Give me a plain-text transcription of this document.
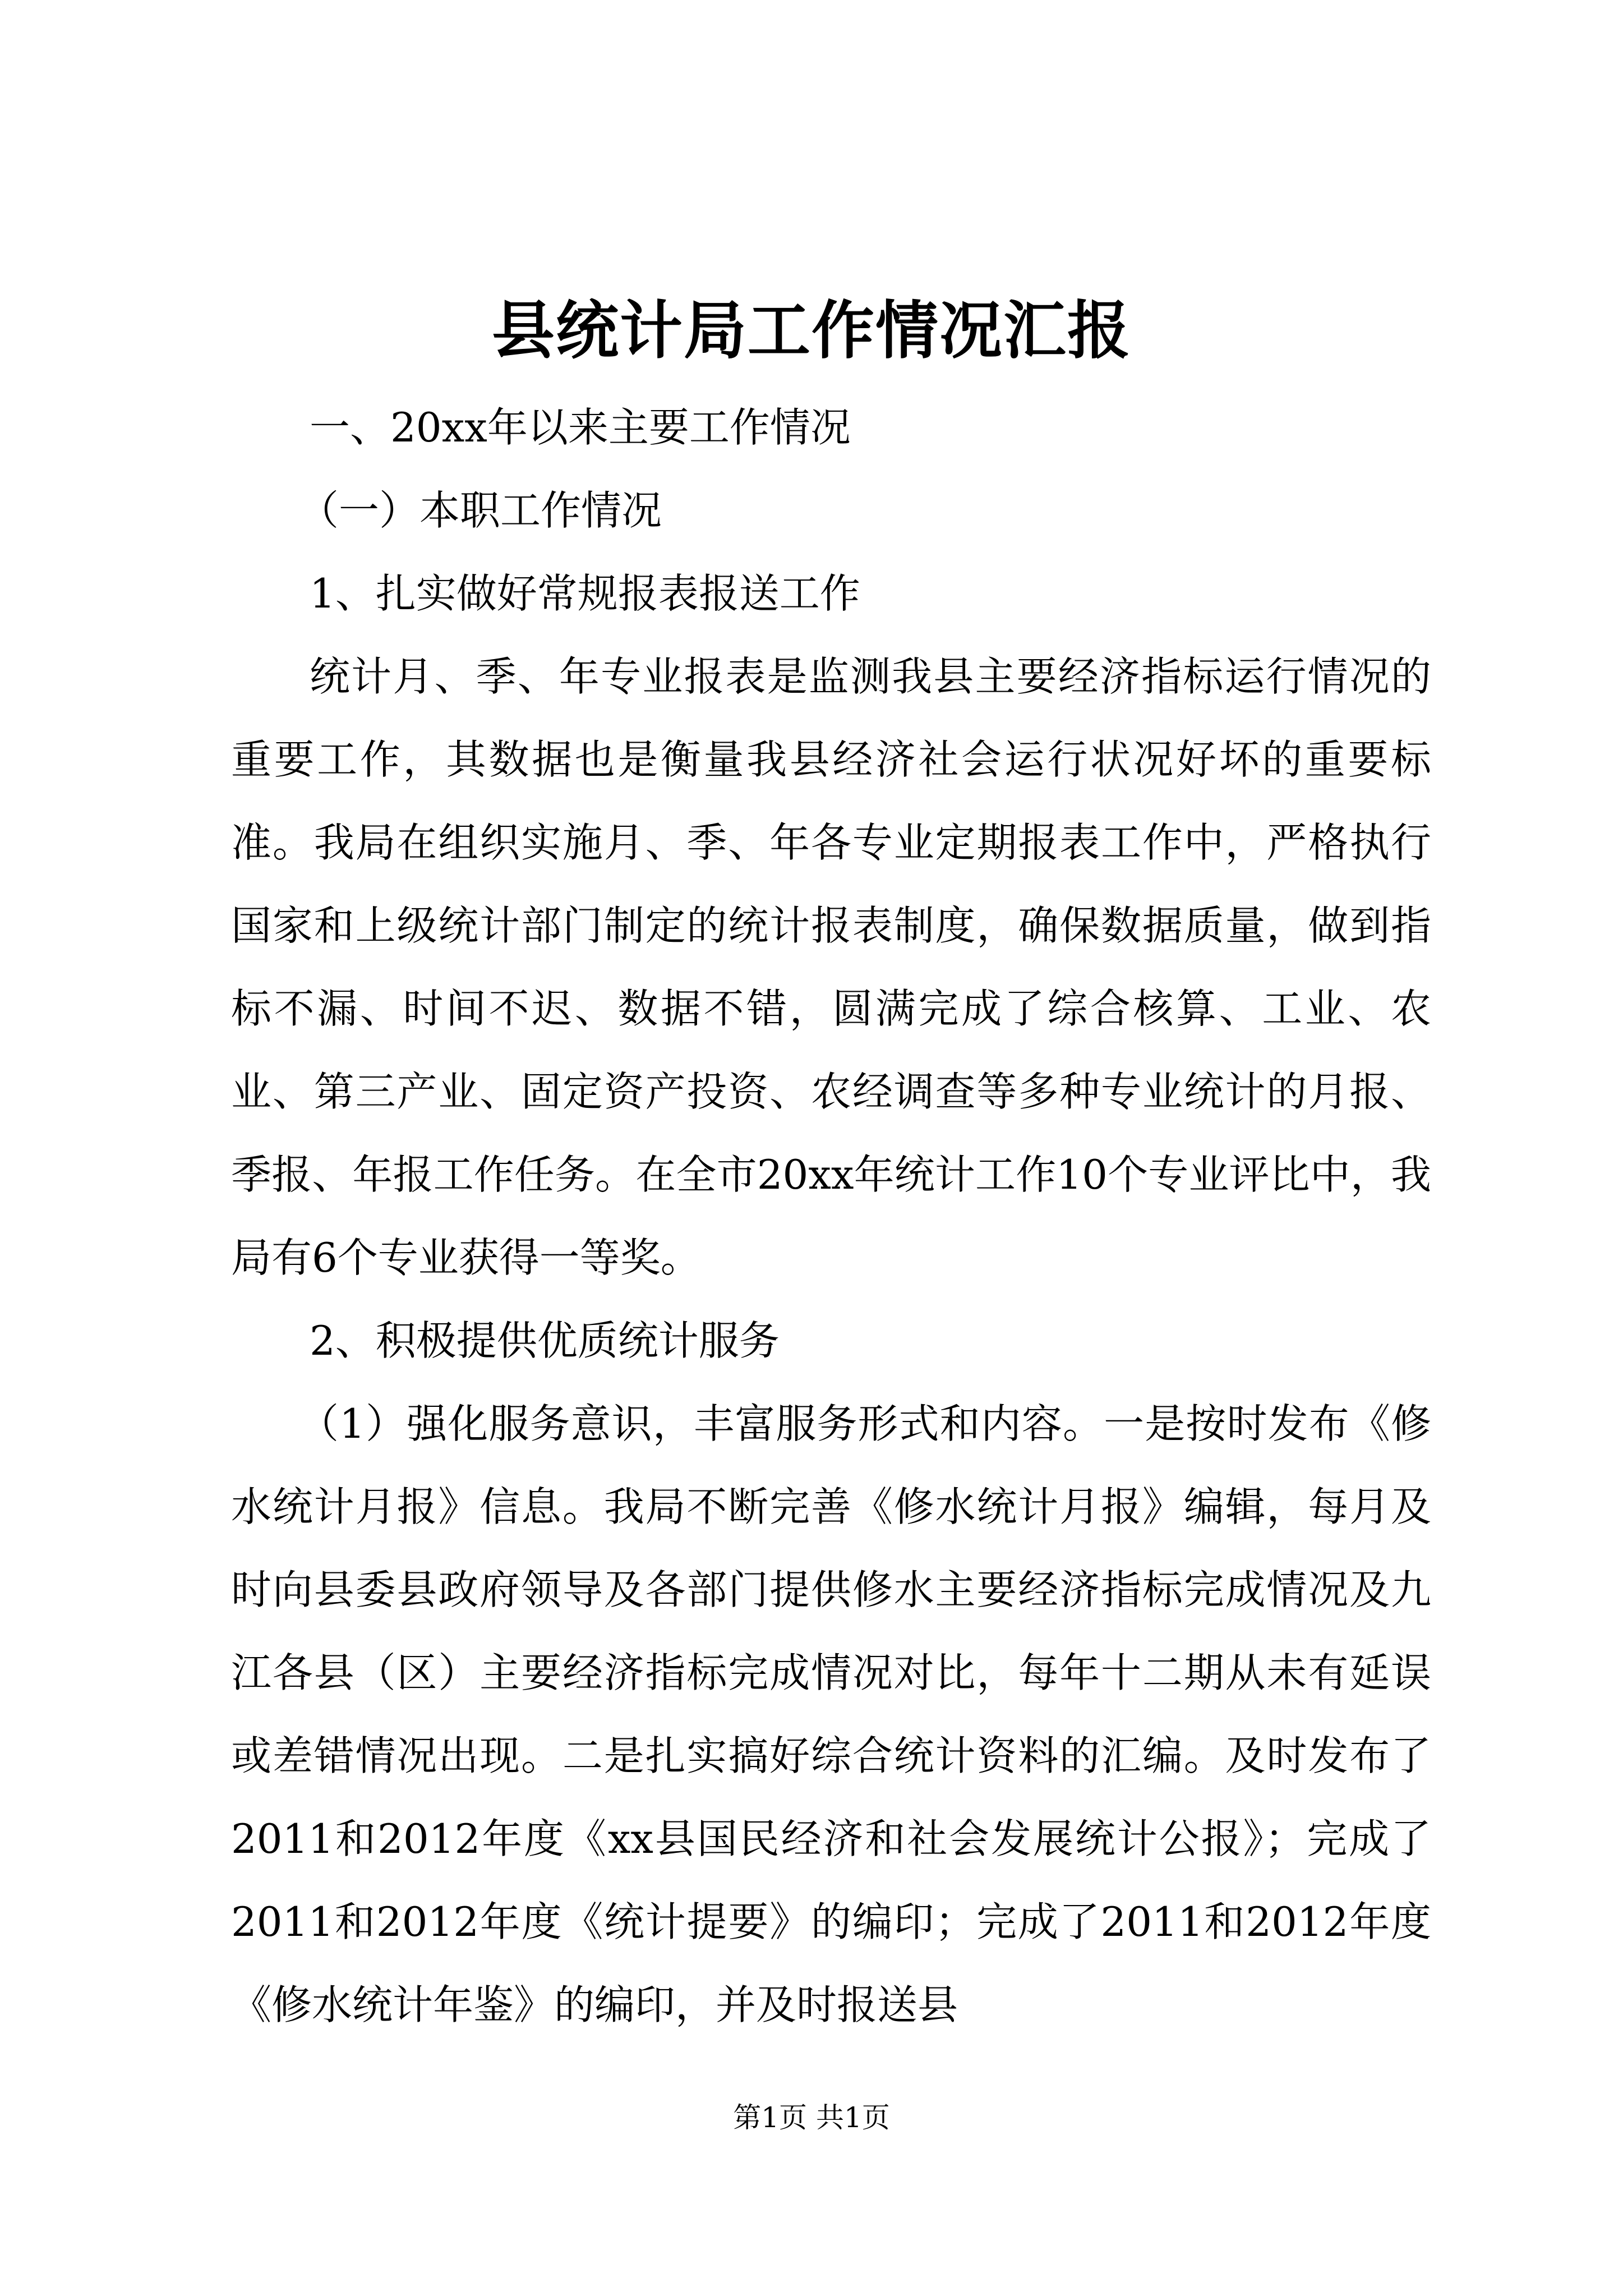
县统计局工作情况汇报

一、20xx年以来主要工作情况

（一）本职工作情况

1、扎实做好常规报表报送工作

统计月、季、年专业报表是监测我县主要经济指标运行情况的重要工作，其数据也是衡量我县经济社会运行状况好坏的重要标准。我局在组织实施月、季、年各专业定期报表工作中，严格执行国家和上级统计部门制定的统计报表制度，确保数据质量，做到指标不漏、时间不迟、数据不错，圆满完成了综合核算、工业、农业、第三产业、固定资产投资、农经调查等多种专业统计的月报、季报、年报工作任务。在全市20xx年统计工作10个专业评比中，我局有6个专业获得一等奖。

2、积极提供优质统计服务

（1）强化服务意识，丰富服务形式和内容。一是按时发布《修水统计月报》信息。我局不断完善《修水统计月报》编辑，每月及时向县委县政府领导及各部门提供修水主要经济指标完成情况及九江各县（区）主要经济指标完成情况对比，每年十二期从未有延误或差错情况出现。二是扎实搞好综合统计资料的汇编。及时发布了2011和2012年度《xx县国民经济和社会发展统计公报》；完成了2011和2012年度《统计提要》的编印；完成了2011和2012年度《修水统计年鉴》的编印，并及时报送县

第1页 共1页
